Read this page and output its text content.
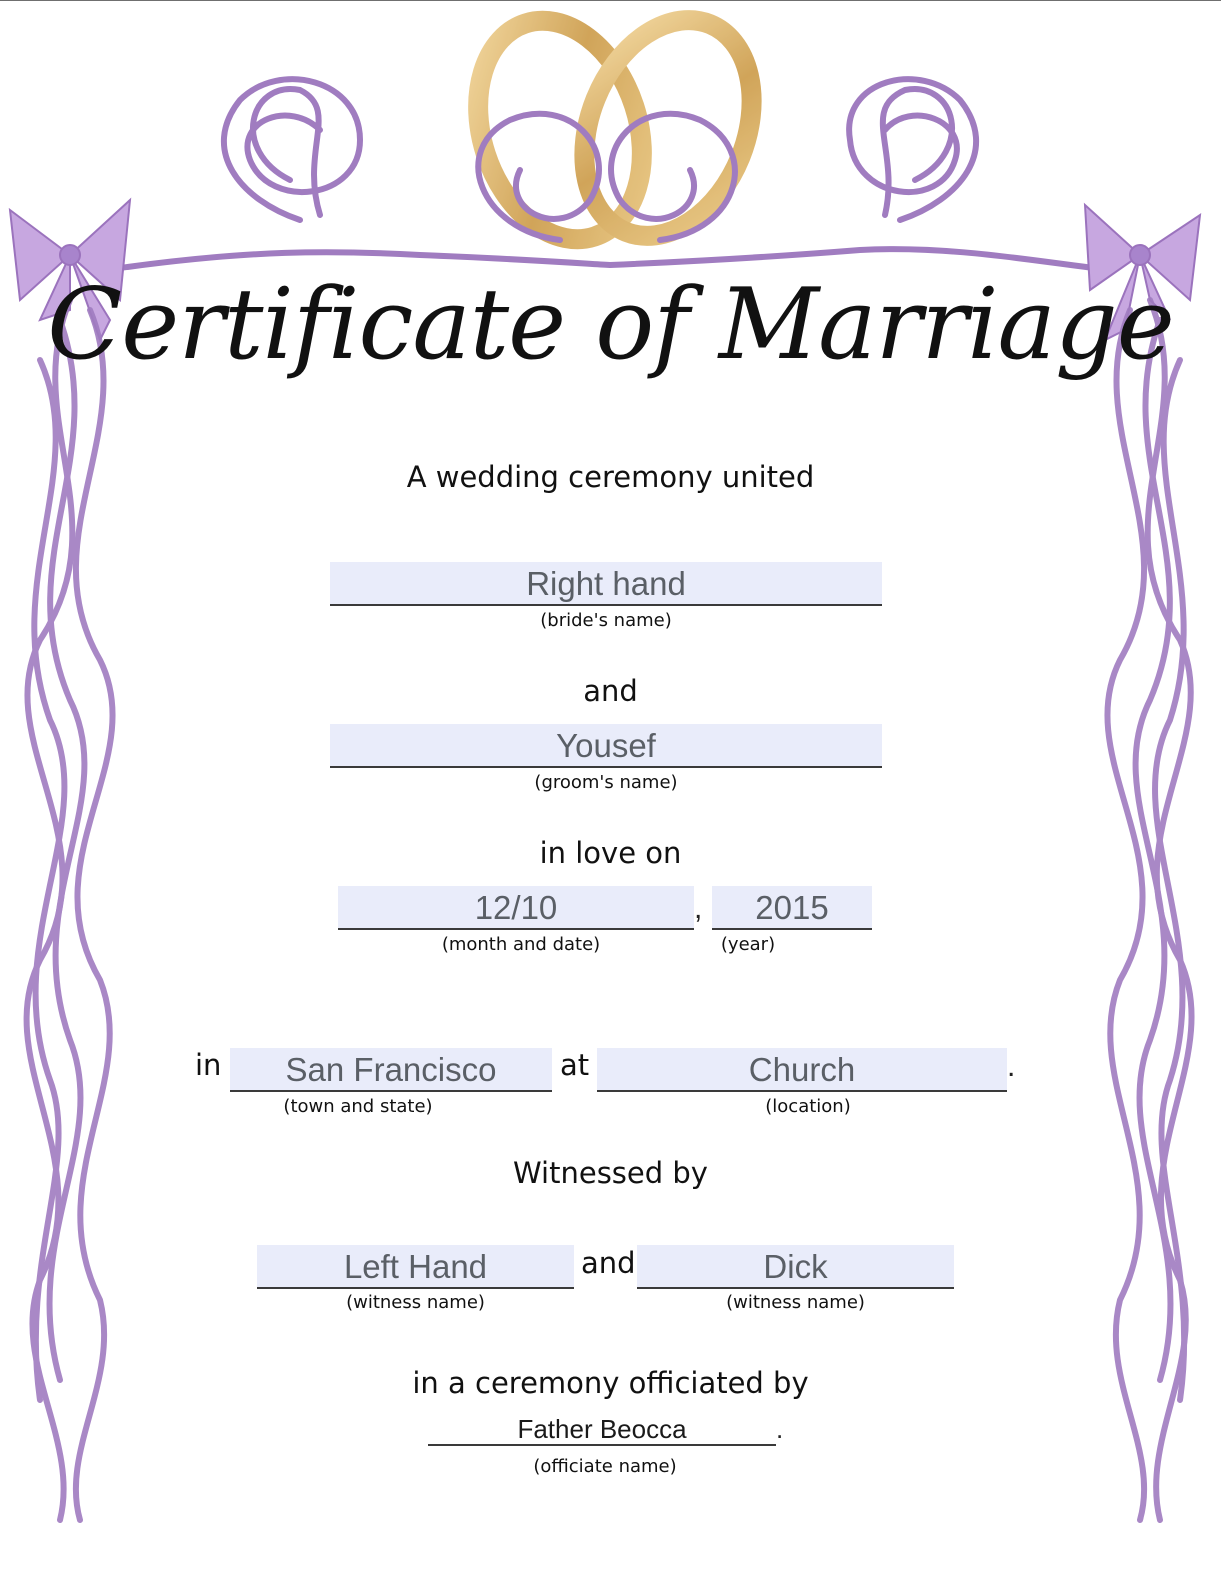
Certificate of Marriage
A wedding ceremony united
Right hand
(bride's name)
and
Yousef
(groom's name)
in love on
12/10	,	2015
(month and date)	(year)
in	San Francisco	at	Church	.
(town and state)	(location)
Witnessed by
Left Hand	and	Dick
(witness name)	(witness name)
in a ceremony officiated by
Father Beocca	.
(officiate name)
